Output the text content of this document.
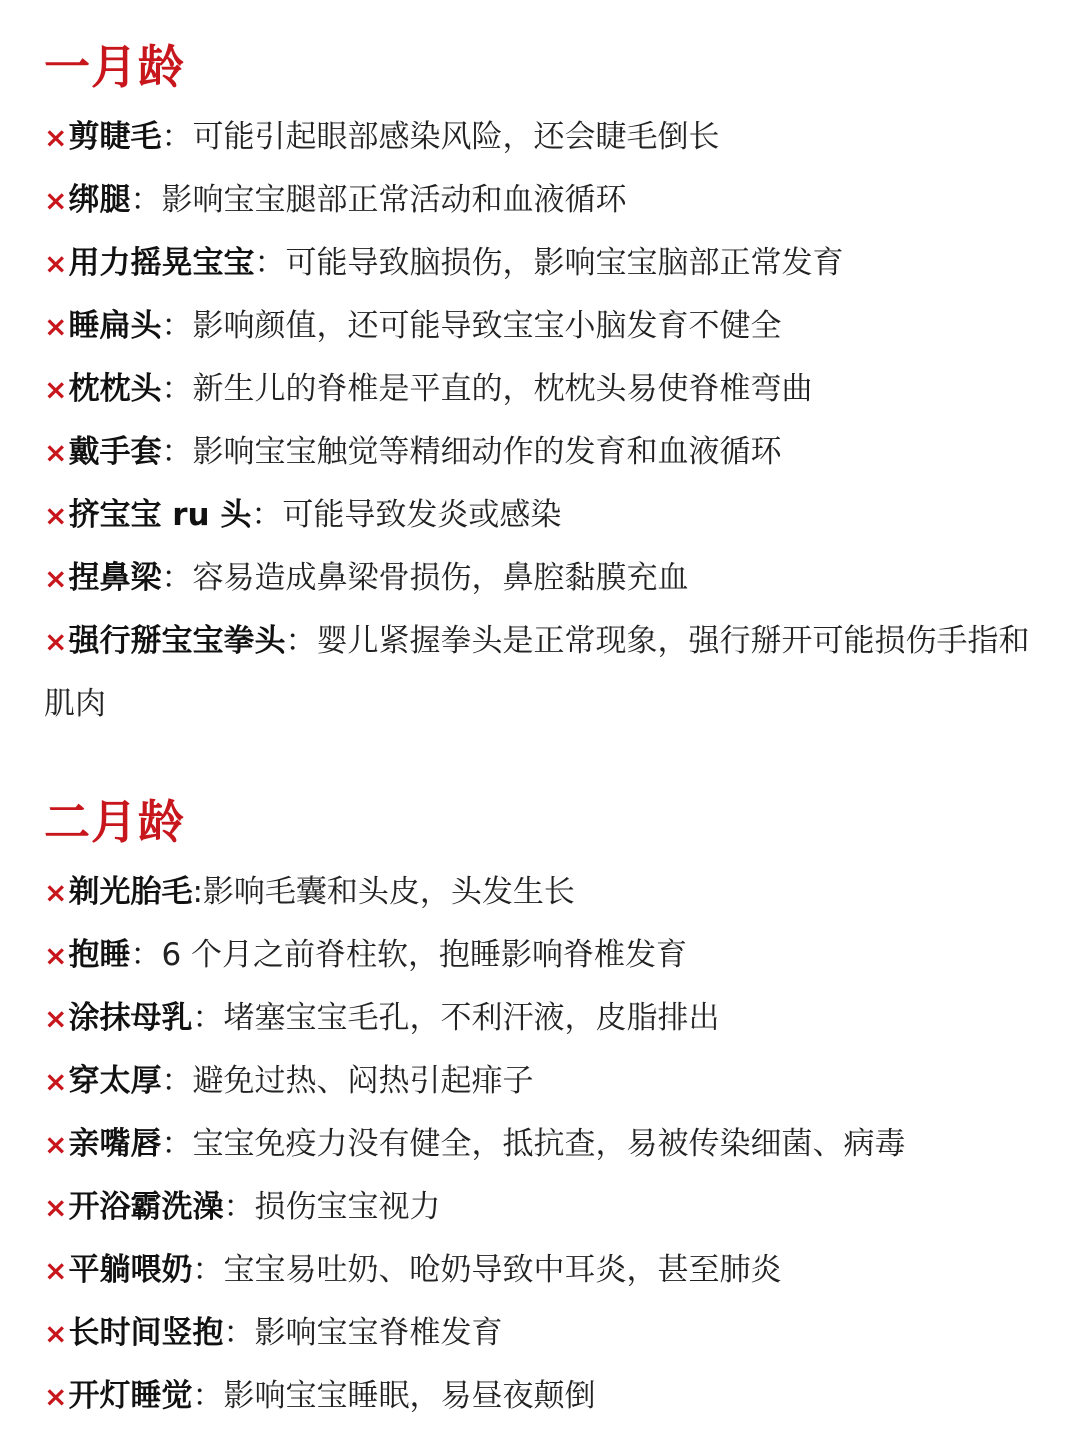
一月龄

×剪睫毛：可能引起眼部感染风险，还会睫毛倒长

×绑腿：影响宝宝腿部正常活动和血液循环

×用力摇晃宝宝：可能导致脑损伤，影响宝宝脑部正常发育

×睡扁头：影响颜值，还可能导致宝宝小脑发育不健全

×枕枕头：新生儿的脊椎是平直的，枕枕头易使脊椎弯曲

×戴手套：影响宝宝触觉等精细动作的发育和血液循环

×挤宝宝 ru 头：可能导致发炎或感染

×捏鼻梁：容易造成鼻梁骨损伤，鼻腔黏膜充血

×强行掰宝宝拳头：婴儿紧握拳头是正常现象，强行掰开可能损伤手指和肌肉

二月龄

×剃光胎毛:影响毛囊和头皮，头发生长

×抱睡：6 个月之前脊柱软，抱睡影响脊椎发育

×涂抹母乳：堵塞宝宝毛孔，不利汗液，皮脂排出

×穿太厚：避免过热、闷热引起痱子

×亲嘴唇：宝宝免疫力没有健全，抵抗查，易被传染细菌、病毒

×开浴霸洗澡：损伤宝宝视力

×平躺喂奶：宝宝易吐奶、呛奶导致中耳炎，甚至肺炎

×长时间竖抱：影响宝宝脊椎发育

×开灯睡觉：影响宝宝睡眠，易昼夜颠倒
